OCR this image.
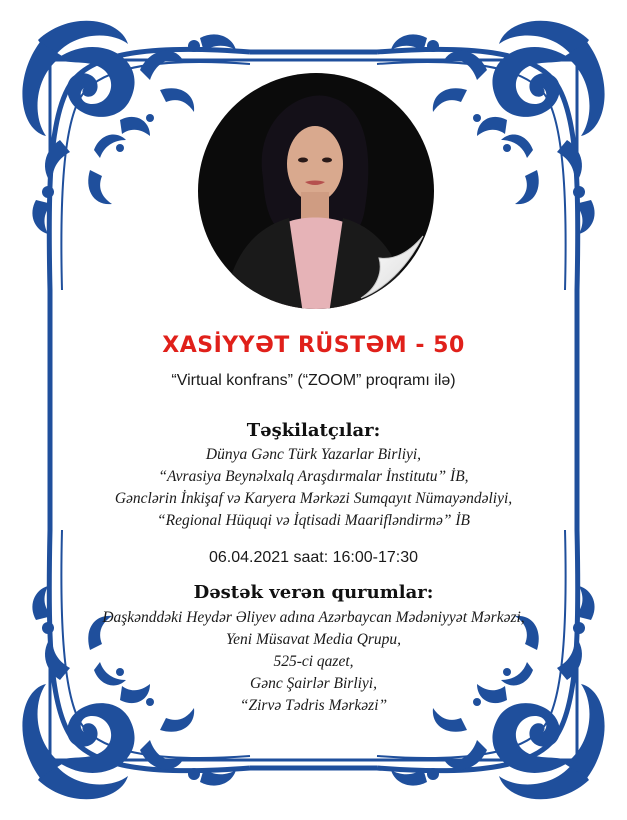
XASİYYƏT RÜSTƏM - 50
“Virtual konfrans” (“ZOOM” proqramı ilə)
Təşkilatçılar:
Dünya Gənc Türk Yazarlar Birliyi,
“Avrasiya Beynəlxalq Araşdırmalar İnstitutu” İB,
Gənclərin İnkişaf və Karyera Mərkəzi Sumqayıt Nümayəndəliyi,
“Regional Hüquqi və İqtisadi Maarifləndirmə” İB
06.04.2021 saat: 16:00-17:30
Dəstək verən qurumlar:
Daşkənddəki Heydər Əliyev adına Azərbaycan Mədəniyyət Mərkəzi,
Yeni Müsavat Media Qrupu,
525-ci qazet,
Gənc Şairlər Birliyi,
“Zirvə Tədris Mərkəzi”
